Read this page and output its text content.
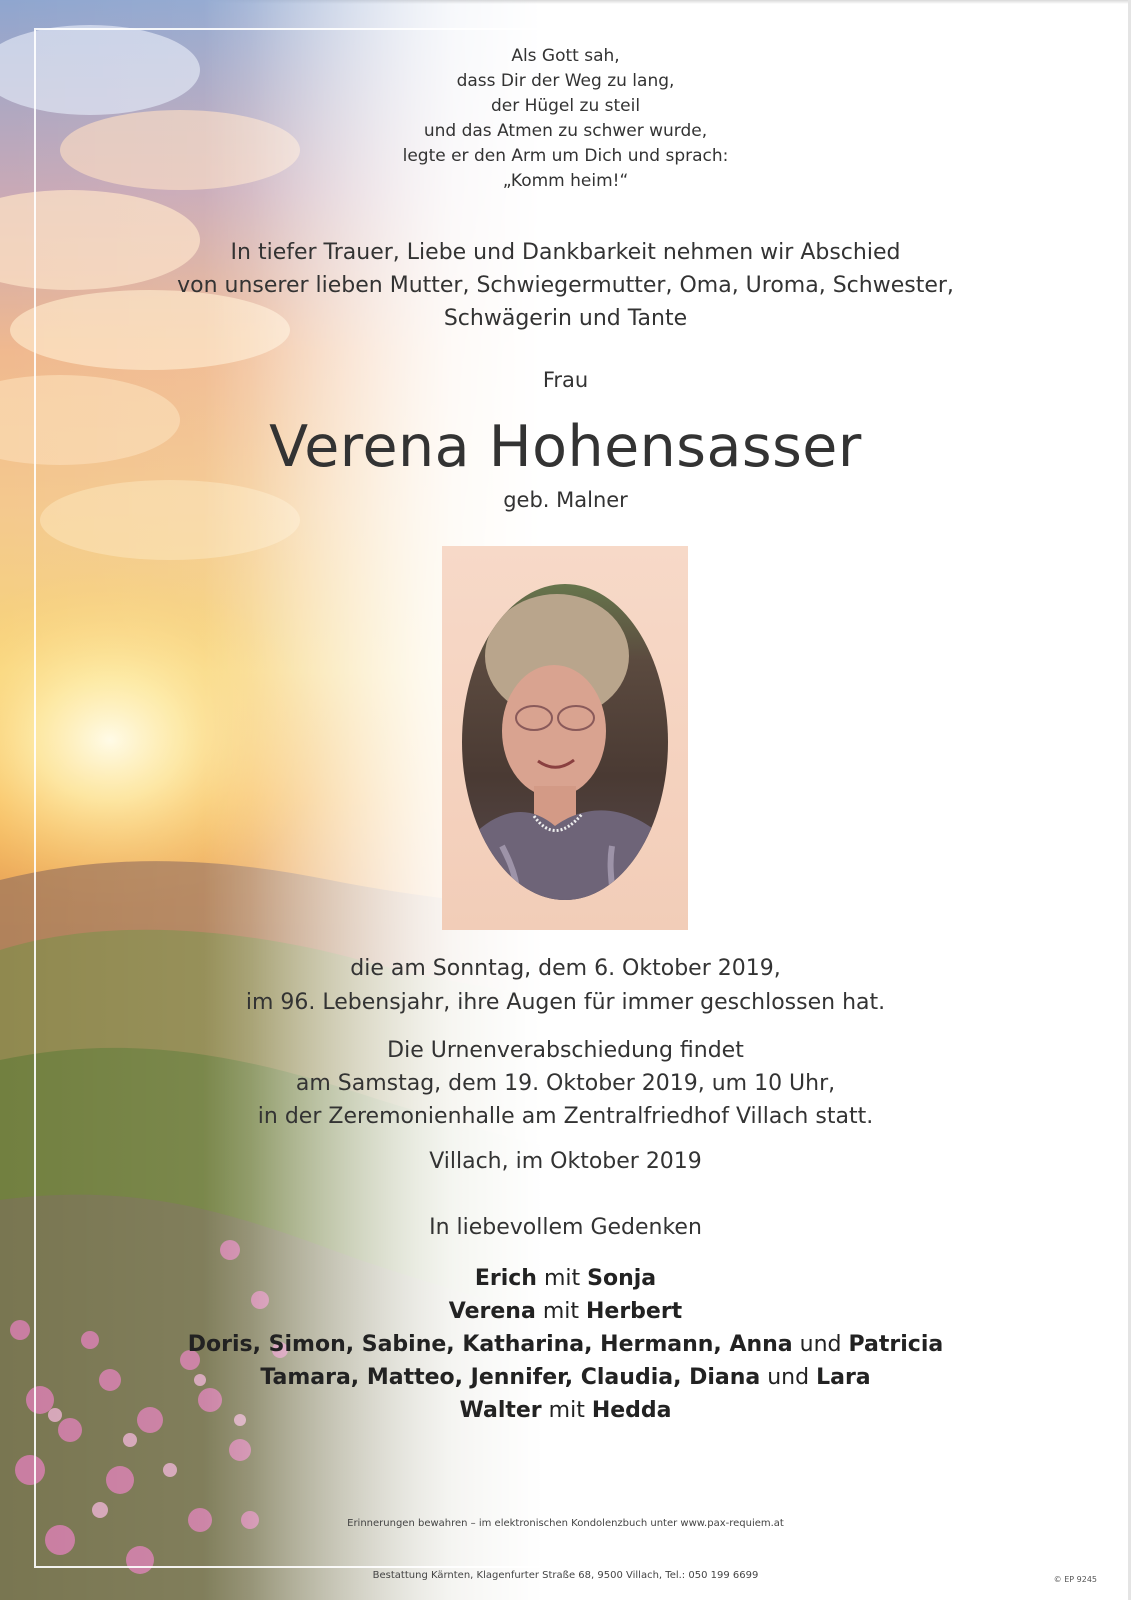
Als Gott sah,
dass Dir der Weg zu lang,
der Hügel zu steil
und das Atmen zu schwer wurde,
legte er den Arm um Dich und sprach:
„Komm heim!“
In tiefer Trauer, Liebe und Dankbarkeit nehmen wir Abschied
von unserer lieben Mutter, Schwiegermutter, Oma, Uroma, Schwester,
Schwägerin und Tante
Frau
Verena Hohensasser
geb. Malner
die am Sonntag, dem 6. Oktober 2019,
im 96. Lebensjahr, ihre Augen für immer geschlossen hat.
Die Urnenverabschiedung findet
am Samstag, dem 19. Oktober 2019, um 10 Uhr,
in der Zeremonienhalle am Zentralfriedhof Villach statt.
Villach, im Oktober 2019
In liebevollem Gedenken
Erich mit Sonja
Verena mit Herbert
Doris, Simon, Sabine, Katharina, Hermann, Anna und Patricia
Tamara, Matteo, Jennifer, Claudia, Diana und Lara
Walter mit Hedda
Erinnerungen bewahren – im elektronischen Kondolenzbuch unter www.pax-requiem.at
Bestattung Kärnten, Klagenfurter Straße 68, 9500 Villach, Tel.: 050 199 6699	© EP 9245
